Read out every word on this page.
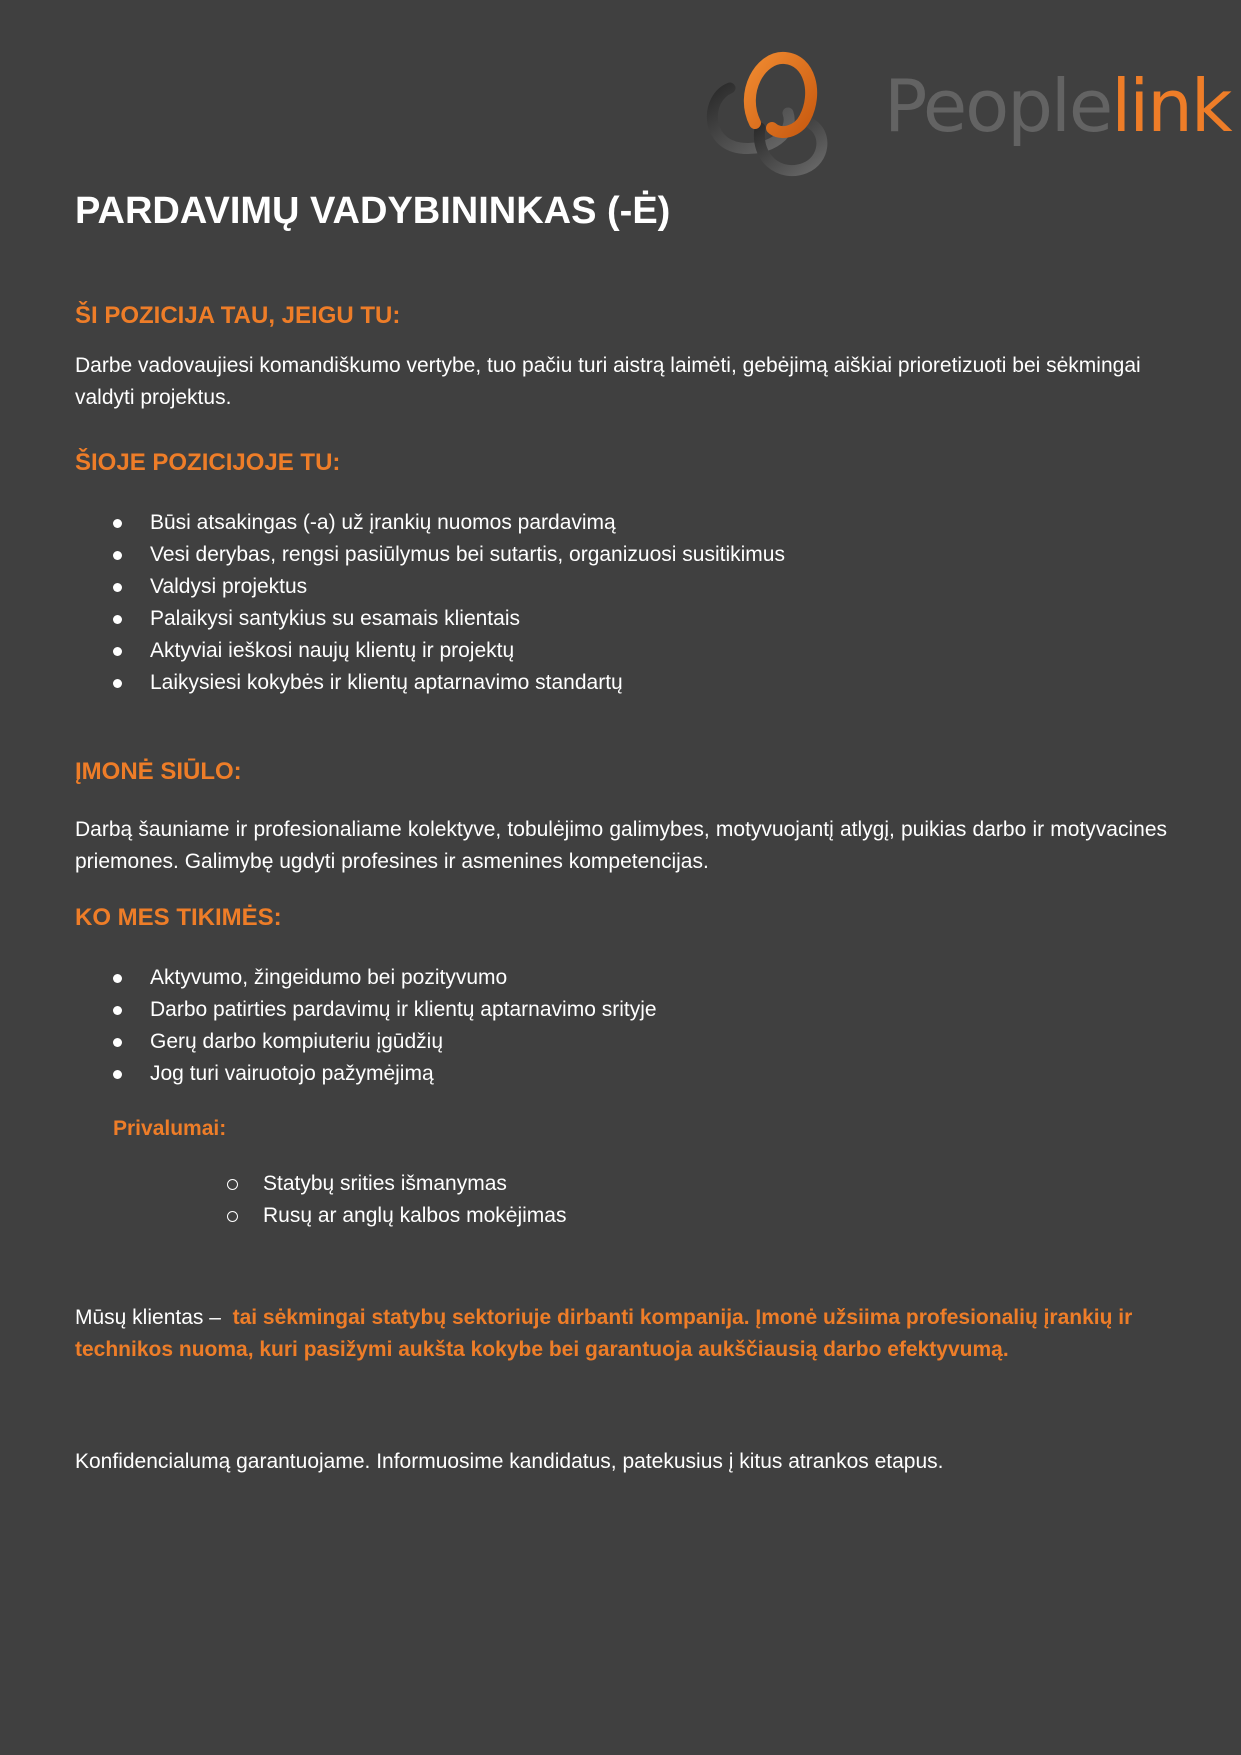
Peoplelink
PARDAVIMŲ VADYBININKAS (-Ė)
ŠI POZICIJA TAU, JEIGU TU:

Darbe vadovaujiesi komandiškumo vertybe, tuo pačiu turi aistrą laimėti, gebėjimą aiškiai prioretizuoti bei sėkmingai valdyti projektus.

ŠIOJE POZICIJOJE TU:
Būsi atsakingas (-a) už įrankių nuomos pardavimą
Vesi derybas, rengsi pasiūlymus bei sutartis, organizuosi susitikimus
Valdysi projektus
Palaikysi santykius su esamais klientais
Aktyviai ieškosi naujų klientų ir projektų
Laikysiesi kokybės ir klientų aptarnavimo standartų
ĮMONĖ SIŪLO:

Darbą šauniame ir profesionaliame kolektyve, tobulėjimo galimybes, motyvuojantį atlygį, puikias darbo ir motyvacines priemones. Galimybę ugdyti profesines ir asmenines kompetencijas.

KO MES TIKIMĖS:
Aktyvumo, žingeidumo bei pozityvumo
Darbo patirties pardavimų ir klientų aptarnavimo srityje
Gerų darbo kompiuteriu įgūdžių
Jog turi vairuotojo pažymėjimą
Privalumai:
Statybų srities išmanymas
Rusų ar anglų kalbos mokėjimas

Mūsų klientas – tai sėkmingai statybų sektoriuje dirbanti kompanija. Įmonė užsiima profesionalių įrankių ir technikos nuoma, kuri pasižymi aukšta kokybe bei garantuoja aukščiausią darbo efektyvumą.

Konfidencialumą garantuojame. Informuosime kandidatus, patekusius į kitus atrankos etapus.
